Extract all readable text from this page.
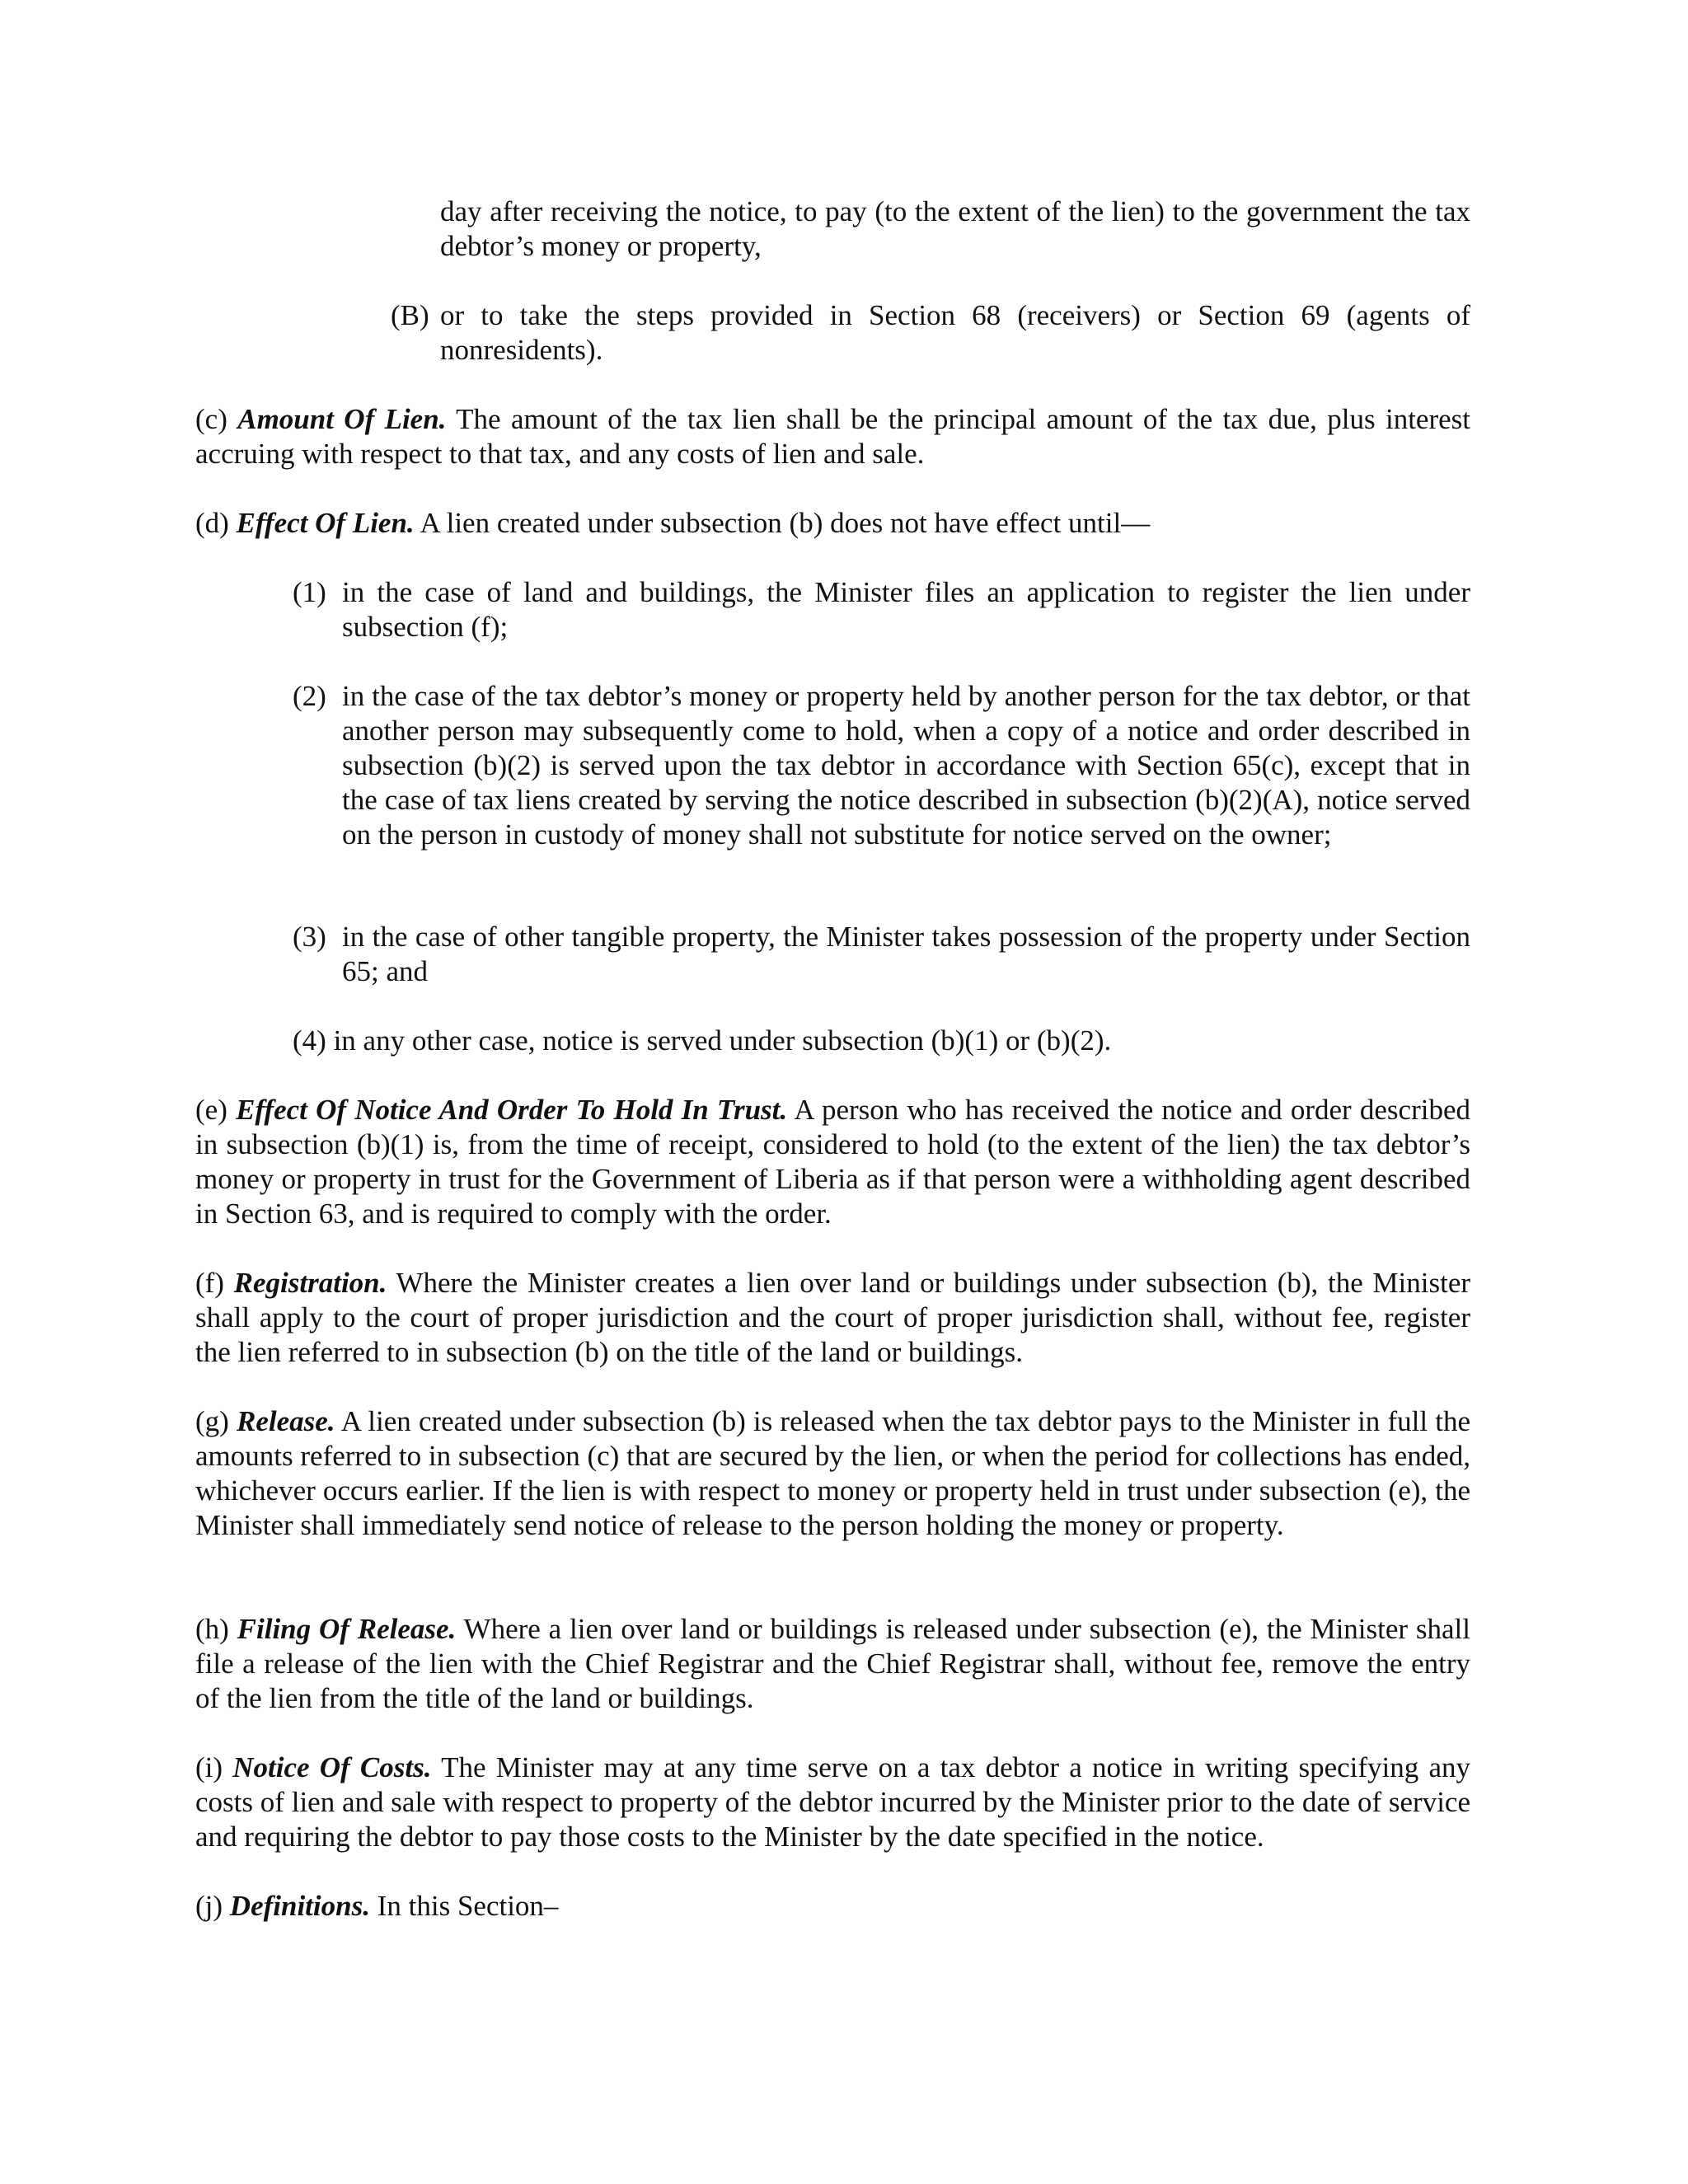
day after receiving the notice, to pay (to the extent of the lien) to the government the tax debtor’s money or property,

(B) or to take the steps provided in Section 68 (receivers) or Section 69 (agents of nonresidents).

(c) Amount Of Lien. The amount of the tax lien shall be the principal amount of the tax due, plus interest accruing with respect to that tax, and any costs of lien and sale.

(d) Effect Of Lien. A lien created under subsection (b) does not have effect until—

(1) in the case of land and buildings, the Minister files an application to register the lien under subsection (f);
(2) in the case of the tax debtor’s money or property held by another person for the tax debtor, or that another person may subsequently come to hold, when a copy of a notice and order described in subsection (b)(2) is served upon the tax debtor in accordance with Section 65(c), except that in the case of tax liens created by serving the notice described in subsection (b)(2)(A), notice served on the person in custody of money shall not substitute for notice served on the owner;
(3) in the case of other tangible property, the Minister takes possession of the property under Section 65; and

(4) in any other case, notice is served under subsection (b)(1) or (b)(2).

(e) Effect Of Notice And Order To Hold In Trust. A person who has received the notice and order described in subsection (b)(1) is, from the time of receipt, considered to hold (to the extent of the lien) the tax debtor’s money or property in trust for the Government of Liberia as if that person were a withholding agent described in Section 63, and is required to comply with the order.

(f) Registration. Where the Minister creates a lien over land or buildings under subsection (b), the Minister shall apply to the court of proper jurisdiction and the court of proper jurisdiction shall, without fee, register the lien referred to in subsection (b) on the title of the land or buildings.

(g) Release. A lien created under subsection (b) is released when the tax debtor pays to the Minister in full the amounts referred to in subsection (c) that are secured by the lien, or when the period for collections has ended, whichever occurs earlier. If the lien is with respect to money or property held in trust under subsection (e), the Minister shall immediately send notice of release to the person holding the money or property.

(h) Filing Of Release. Where a lien over land or buildings is released under subsection (e), the Minister shall file a release of the lien with the Chief Registrar and the Chief Registrar shall, without fee, remove the entry of the lien from the title of the land or buildings.

(i) Notice Of Costs. The Minister may at any time serve on a tax debtor a notice in writing specifying any costs of lien and sale with respect to property of the debtor incurred by the Minister prior to the date of service and requiring the debtor to pay those costs to the Minister by the date specified in the notice.

(j) Definitions. In this Section–
